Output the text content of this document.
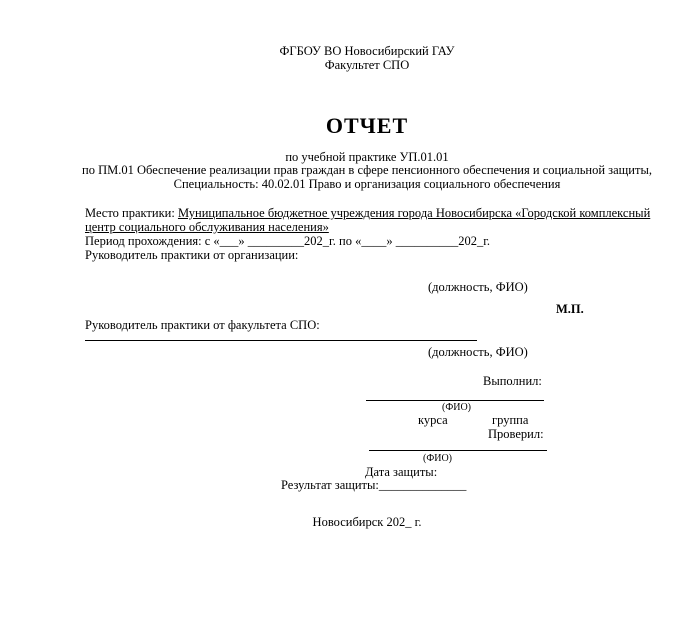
ФГБОУ ВО Новосибирский ГАУ
Факультет СПО
ОТЧЕТ
по учебной практике УП.01.01
по ПМ.01 Обеспечение реализации прав граждан в сфере пенсионного обеспечения и социальной защиты,
Специальность: 40.02.01 Право и организация социального обеспечения
Место практики: Муниципальное бюджетное учреждения города Новосибирска «Городской комплексный
центр социального обслуживания населения»
Период прохождения: с «___» _________202_г. по «____» __________202_г.
Руководитель практики от организации:
(должность, ФИО)
М.П.
Руководитель практики от факультета СПО:
(должность, ФИО)
Выполнил:
(ФИО)
курса	группа
Проверил:
(ФИО)
Дата защиты:
Результат защиты:______________
Новосибирск 202_ г.
